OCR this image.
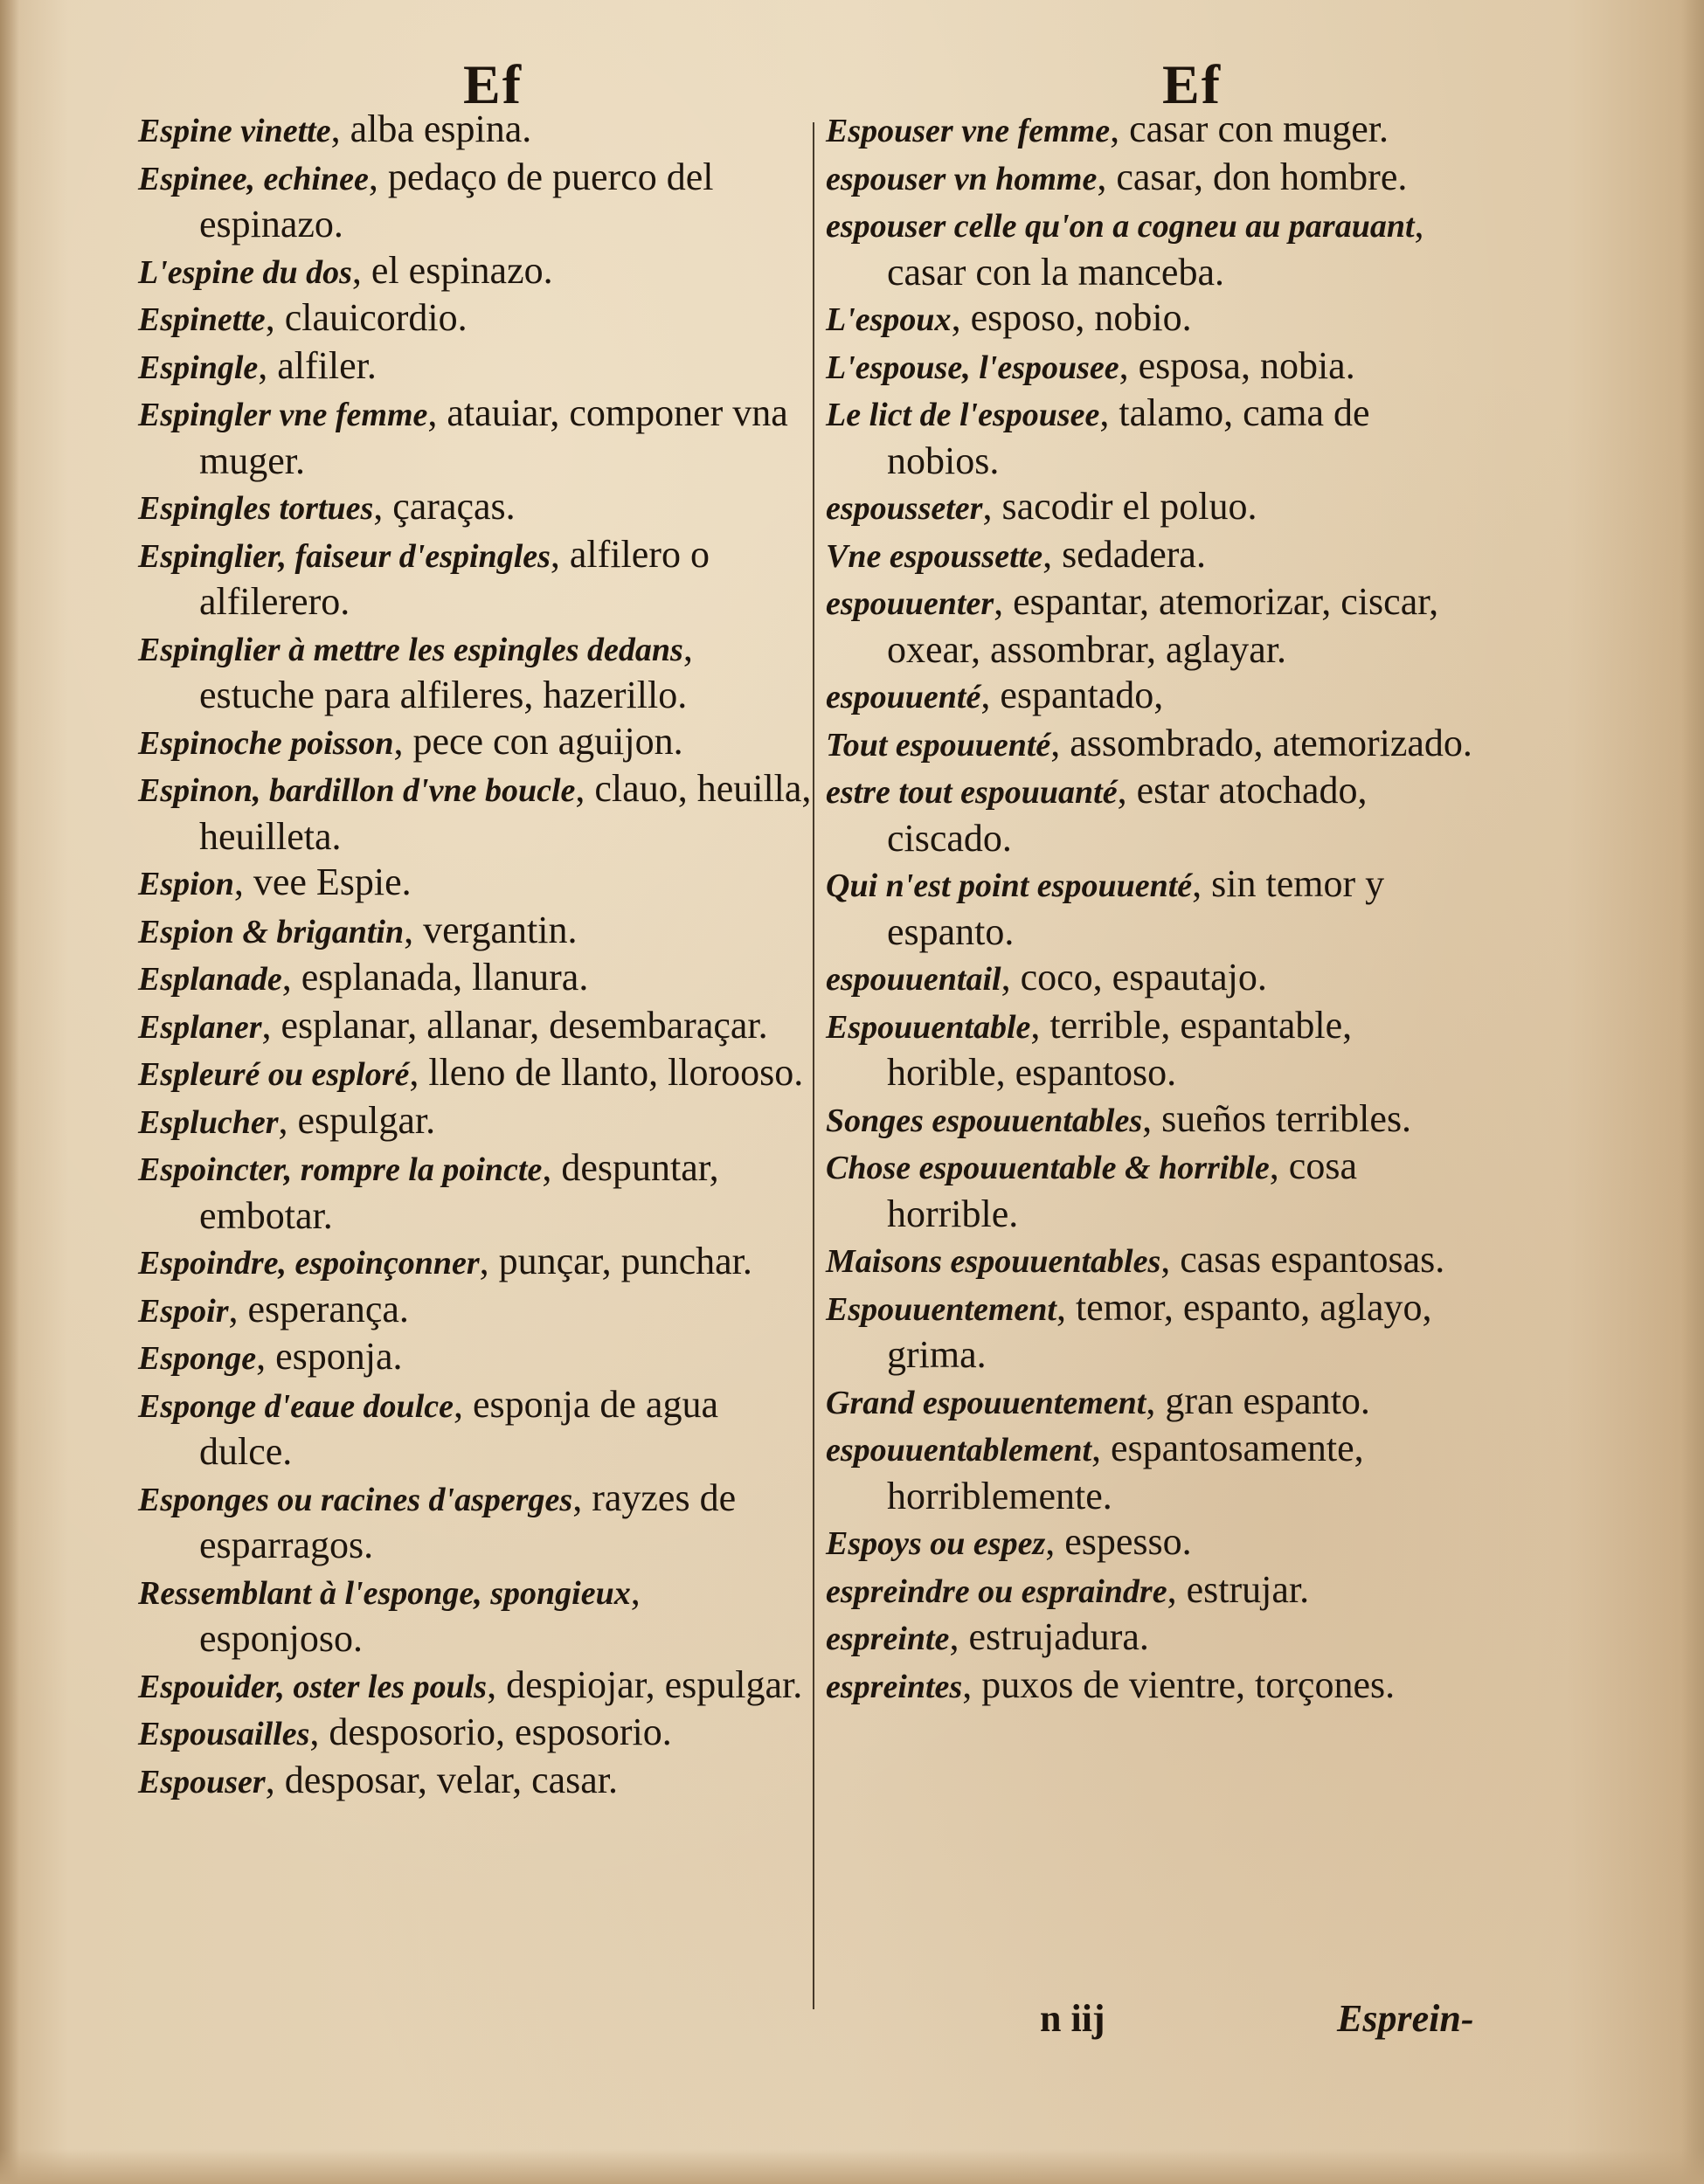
Ef	Ef

Espine vinette, alba espina.

Espinee, echinee, pedaço de puerco del espinazo.

L'espine du dos, el espinazo.

Espinette, clauicordio.

Espingle, alfiler.

Espingler vne femme, atauiar, componer vna muger.

Espingles tortues, çaraças.

Espinglier, faiseur d'espingles, alfilero o alfilerero.

Espinglier à mettre les espingles dedans, estuche para alfileres, hazerillo.

Espinoche poisson, pece con aguijon.

Espinon, bardillon d'vne boucle, clauo, heuilla, heuilleta.

Espion, vee Espie.

Espion & brigantin, vergantin.

Esplanade, esplanada, llanura.

Esplaner, esplanar, allanar, desembaraçar.

Espleuré ou esploré, lleno de llanto, llorooso.

Esplucher, espulgar.

Espoincter, rompre la poincte, despuntar, embotar.

Espoindre, espoinçonner, punçar, punchar.

Espoir, esperança.

Esponge, esponja.

Esponge d'eaue doulce, esponja de agua dulce.

Esponges ou racines d'asperges, rayzes de esparragos.

Ressemblant à l'esponge, spongieux, esponjoso.

Espouider, oster les pouls, despiojar, espulgar.

Espousailles, desposorio, esposorio.

Espouser, desposar, velar, casar.

Espouser vne femme, casar con muger.

espouser vn homme, casar, don hombre.

espouser celle qu'on a cogneu au parauant, casar con la manceba.

L'espoux, esposo, nobio.

L'espouse, l'espousee, esposa, nobia.

Le lict de l'espousee, talamo, cama de nobios.

espousseter, sacodir el poluo.

Vne espoussette, sedadera.

espouuenter, espantar, atemorizar, ciscar, oxear, assombrar, aglayar.

espouuenté, espantado,

Tout espouuenté, assombrado, atemorizado.

estre tout espouuanté, estar atochado, ciscado.

Qui n'est point espouuenté, sin temor y espanto.

espouuentail, coco, espautajo.

Espouuentable, terrible, espantable, horible, espantoso.

Songes espouuentables, sueños terribles.

Chose espouuentable & horrible, cosa horrible.

Maisons espouuentables, casas espantosas.

Espouuentement, temor, espanto, aglayo, grima.

Grand espouuentement, gran espanto.

espouuentablement, espantosamente, horriblemente.

Espoys ou espez, espesso.

espreindre ou espraindre, estrujar.

espreinte, estrujadura.

espreintes, puxos de vientre, torçones.

n iij	Esprein-
